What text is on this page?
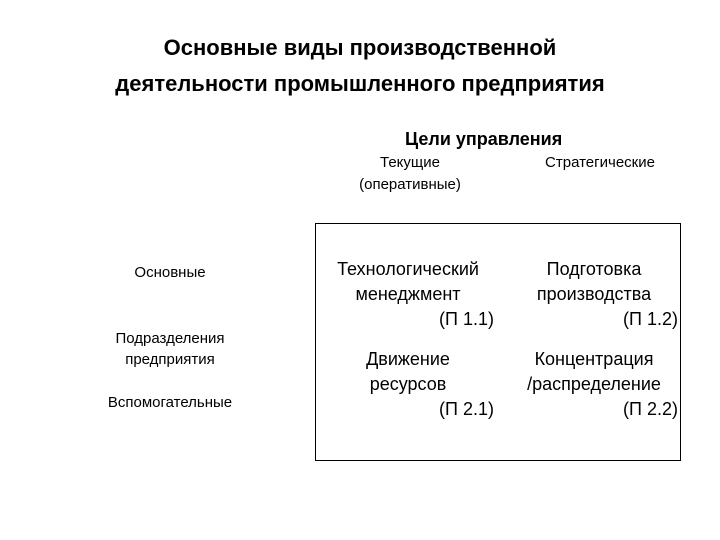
Основные виды производственной
деятельности промышленного предприятия
Цели управления
Текущие
(оперативные)
Стратегические
Основные
Подразделения
предприятия
Вспомогательные
Технологический
менеджмент
(П 1.1)
Подготовка
производства
(П 1.2)
Движение
ресурсов
(П 2.1)
Концентрация
/распределение
(П 2.2)
